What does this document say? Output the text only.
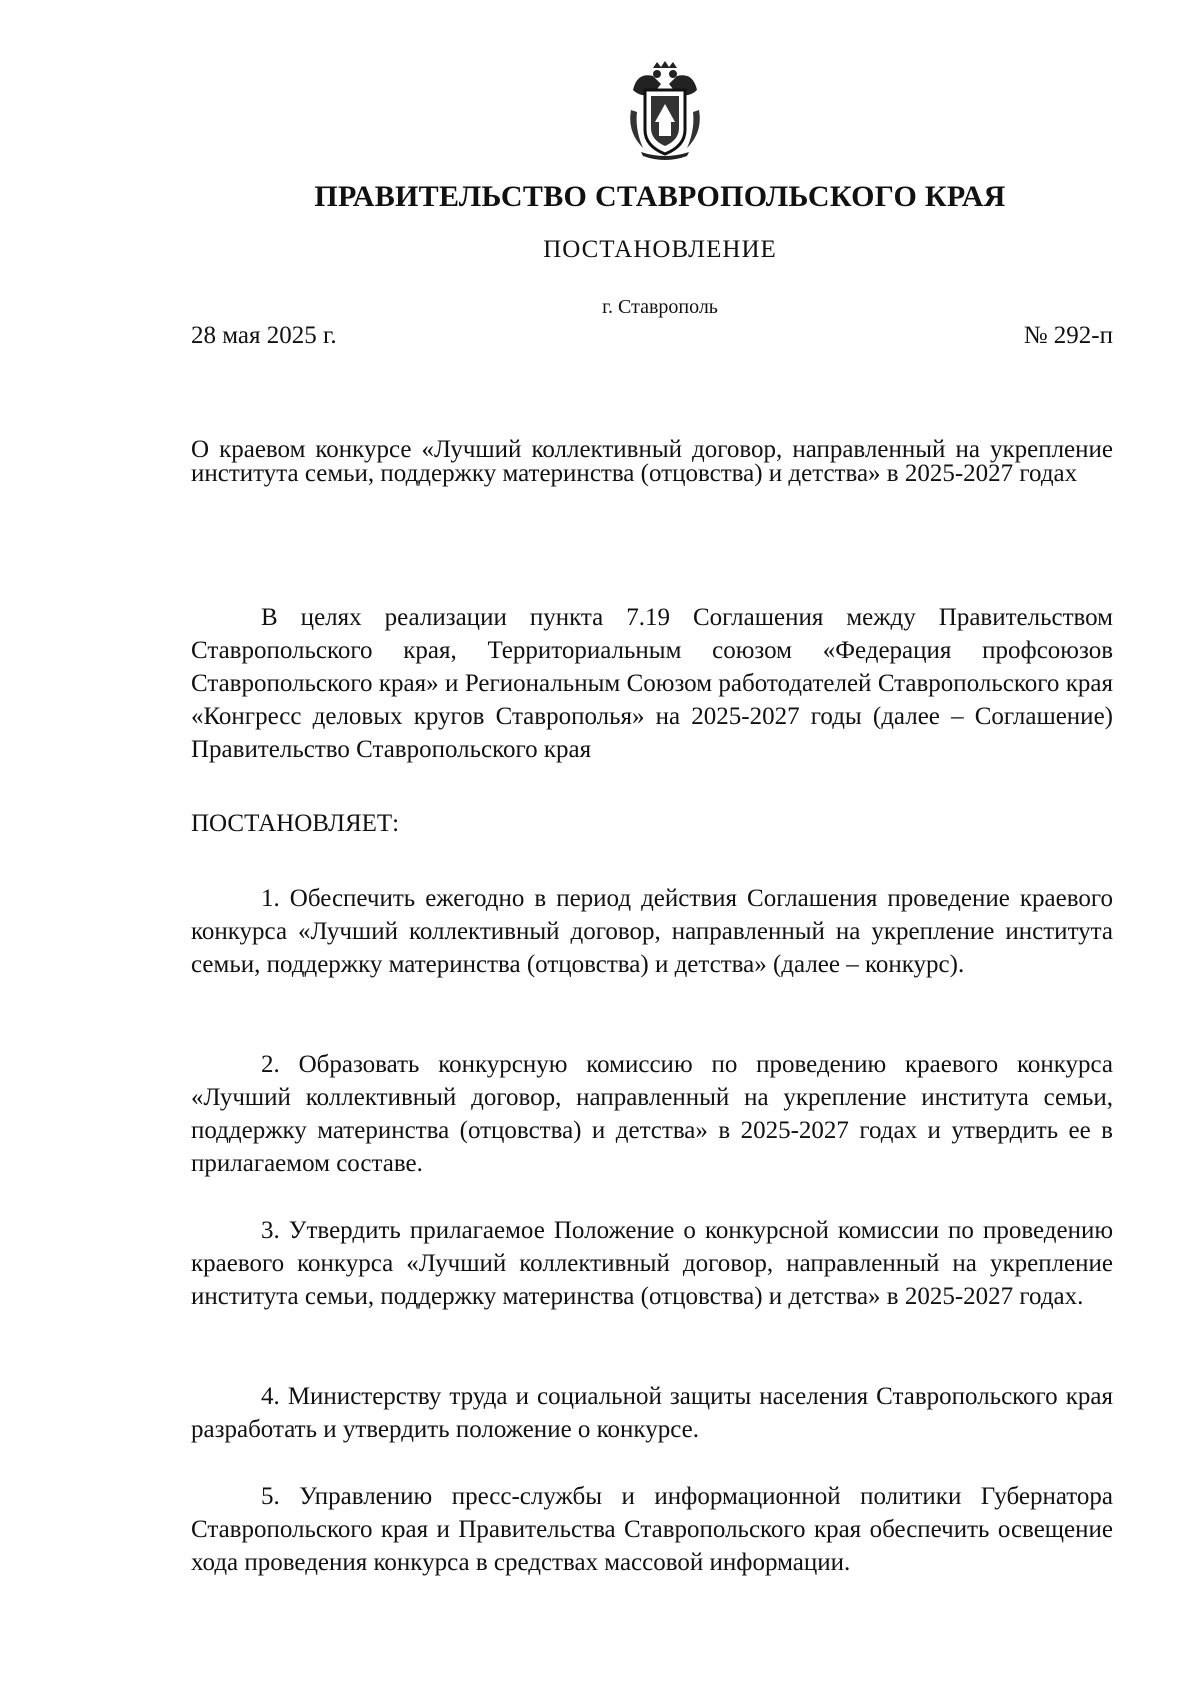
ПРАВИТЕЛЬСТВО СТАВРОПОЛЬСКОГО КРАЯ
ПОСТАНОВЛЕНИЕ
г. Ставрополь
28 мая 2025 г.	№ 292-п
О краевом конкурсе «Лучший коллективный договор, направленный на укрепление института семьи, поддержку материнства (отцовства) и детства» в 2025-2027 годах
В целях реализации пункта 7.19 Соглашения между Правительством Ставропольского края, Территориальным союзом «Федерация профсоюзов Ставропольского края» и Региональным Союзом работодателей Ставропольского края «Конгресс деловых кругов Ставрополья» на 2025-2027 годы (далее – Соглашение) Правительство Ставропольского края
ПОСТАНОВЛЯЕТ:
1. Обеспечить ежегодно в период действия Соглашения проведение краевого конкурса «Лучший коллективный договор, направленный на укрепление института семьи, поддержку материнства (отцовства) и детства» (далее – конкурс).
2. Образовать конкурсную комиссию по проведению краевого конкурса «Лучший коллективный договор, направленный на укрепление института семьи, поддержку материнства (отцовства) и детства» в 2025-2027 годах и утвердить ее в прилагаемом составе.
3. Утвердить прилагаемое Положение о конкурсной комиссии по проведению краевого конкурса «Лучший коллективный договор, направленный на укрепление института семьи, поддержку материнства (отцовства) и детства» в 2025-2027 годах.
4. Министерству труда и социальной защиты населения Ставропольского края разработать и утвердить положение о конкурсе.
5. Управлению пресс-службы и информационной политики Губернатора Ставропольского края и Правительства Ставропольского края обеспечить освещение хода проведения конкурса в средствах массовой информации.
